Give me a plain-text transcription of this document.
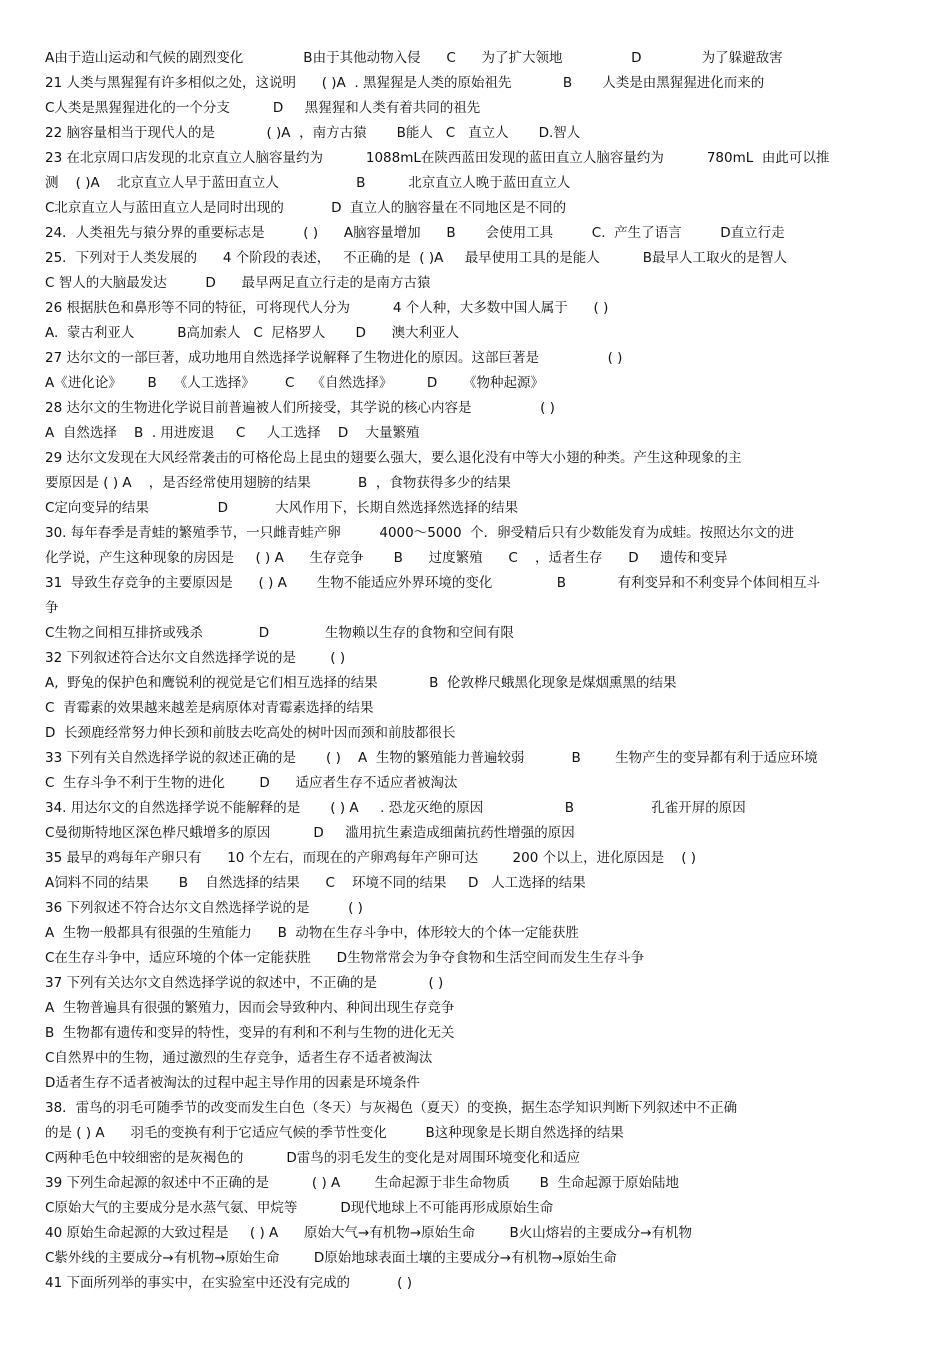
A由于造山运动和气候的剧烈变化              B由于其他动物入侵      C      为了扩大领地                D              为了躲避敌害
21 人类与黑猩猩有许多相似之处，这说明      ( )A  . 黑猩猩是人类的原始祖先            B       人类是由黑猩猩进化而来的
C人类是黑猩猩进化的一个分支          D     黑猩猩和人类有着共同的祖先
22 脑容量相当于现代人的是            ( )A  ，南方古猿       B能人   C   直立人       D.智人
23 在北京周口店发现的北京直立人脑容量约为          1088mL在陕西蓝田发现的蓝田直立人脑容量约为          780mL  由此可以推
测    ( )A    北京直立人早于蓝田直立人                  B          北京直立人晚于蓝田直立人
C北京直立人与蓝田直立人是同时出现的           D  直立人的脑容量在不同地区是不同的
24．人类祖先与猿分界的重要标志是         ( )      A脑容量增加      B       会使用工具         C.  产生了语言         D直立行走
25．下列对于人类发展的      4 个阶段的表述，   不正确的是  ( )A     最早使用工具的是能人          B最早人工取火的是智人
C 智人的大脑最发达         D      最早两足直立行走的是南方古猿
26 根据肤色和鼻形等不同的特征，可将现代人分为          4 个人种，大多数中国人属于      ( )
A.  蒙古利亚人          B高加索人   C  尼格罗人       D      澳大利亚人
27 达尔文的一部巨著，成功地用自然选择学说解释了生物进化的原因。这部巨著是                ( )
A《进化论》      B    《人工选择》       C    《自然选择》        D      《物种起源》
28 达尔文的生物进化学说目前普遍被人们所接受，其学说的核心内容是                ( )
A  自然选择    B  . 用进废退     C     人工选择    D    大量繁殖
29 达尔文发现在大风经常袭击的可格伦岛上昆虫的翅要么强大，要么退化没有中等大小翅的种类。产生这种现象的主
要原因是 ( ) A    ，是否经常使用翅膀的结果           B  ，食物获得多少的结果
C定向变异的结果                D           大风作用下，长期自然选择然选择的结果
30. 每年春季是青蛙的繁殖季节，一只雌青蛙产卵         4000～5000  个．卵受精后只有少数能发育为成蛙。按照达尔文的进
化学说，产生这种现象的房因是     ( ) A      生存竞争       B      过度繁殖      C    ，适者生存      D     遗传和变异
31  导致生存竞争的主要原因是      ( ) A       生物不能适应外界环境的变化               B            有利变异和不利变异个体间相互斗
争
C生物之间相互排挤或残杀             D             生物赖以生存的食物和空间有限
32 下列叙述符合达尔文自然选择学说的是        ( )
A,  野兔的保护色和鹰锐利的视觉是它们相互选择的结果            B  伦敦桦尺蛾黑化现象是煤烟熏黑的结果
C  青霉素的效果越来越差是病原体对青霉素选择的结果
D  长颈鹿经常努力伸长颈和前肢去吃高处的树叶因而颈和前肢都很长
33 下列有关自然选择学说的叙述正确的是       ( )    A  生物的繁殖能力普遍较弱           B        生物产生的变异都有利于适应环境
C  生存斗争不利于生物的进化        D      适应者生存不适应者被淘汰
34. 用达尔文的自然选择学说不能解释的是       ( ) A     . 恐龙灭绝的原因                   B                  孔雀开屏的原因
C曼彻斯特地区深色桦尺蛾增多的原因          D     滥用抗生素造成细菌抗药性增强的原因
35 最早的鸡每年产卵只有      10 个左右，而现在的产卵鸡每年产卵可达        200 个以上，进化原因是    ( )
A饲料不同的结果       B    自然选择的结果      C    环境不同的结果     D   人工选择的结果
36 下列叙述不符合达尔文自然选择学说的是         ( )
A  生物一般都具有很强的生殖能力      B  动物在生存斗争中，体形较大的个体一定能获胜
C在生存斗争中，适应环境的个体一定能获胜      D生物常常会为争夺食物和生活空间而发生生存斗争
37 下列有关达尔文自然选择学说的叙述中，不正确的是            ( )
A  生物普遍具有很强的繁殖力，因而会导致种内、种间出现生存竞争
B  生物都有遗传和变异的特性，变异的有利和不利与生物的进化无关
C自然界中的生物，通过激烈的生存竞争，适者生存不适者被淘汰
D适者生存不适者被淘汰的过程中起主导作用的因素是环境条件
38．雷鸟的羽毛可随季节的改变而发生白色（冬天）与灰褐色（夏天）的变换，据生态学知识判断下列叙述中不正确
的是 ( ) A      羽毛的变换有利于它适应气候的季节性变化         B这种现象是长期自然选择的结果
C两种毛色中较细密的是灰褐色的          D雷鸟的羽毛发生的变化是对周围环境变化和适应
39 下列生命起源的叙述中不正确的是          ( ) A        生命起源于非生命物质       B  生命起源于原始陆地
C原始大气的主要成分是水蒸气氨、甲烷等          D现代地球上不可能再形成原始生命
40 原始生命起源的大致过程是     ( ) A      原始大气→有机物→原始生命        B火山熔岩的主要成分→有机物
C紫外线的主要成分→有机物→原始生命        D原始地球表面土壤的主要成分→有机物→原始生命
41 下面所列举的事实中，在实验室中还没有完成的           ( )
